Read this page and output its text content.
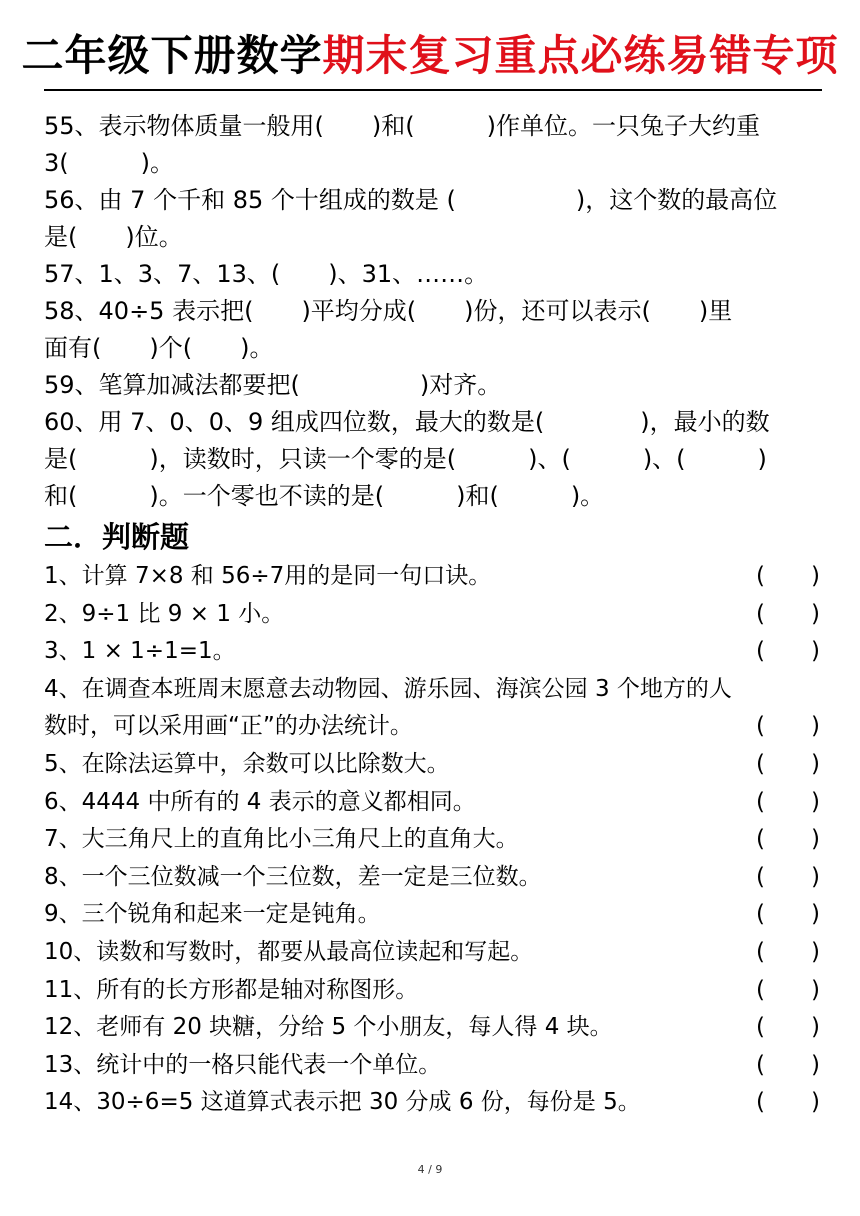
二年级下册数学期末复习重点必练易错专项

55、表示物体质量一般用(　　)和(　　　)作单位。一只兔子大约重

3(　　　)。

56、由 7 个千和 85 个十组成的数是 (　　　　　)，这个数的最高位

是(　　)位。

57、1、3、7、13、(　　)、31、……。

58、40÷5 表示把(　　)平均分成(　　)份，还可以表示(　　)里

面有(　　)个(　　)。

59、笔算加减法都要把(　　　　　)对齐。

60、用 7、0、0、9 组成四位数，最大的数是(　　　　)，最小的数

是(　　　)，读数时，只读一个零的是(　　　)、(　　　)、(　　　)

和(　　　)。一个零也不读的是(　　　)和(　　　)。

二．判断题
1、计算 7×8 和 56÷7用的是同一句口诀。	(　　)
2、9÷1 比 9 × 1 小。	(　　)
3、1 × 1÷1=1。	(　　)
4、在调查本班周末愿意去动物园、游乐园、海滨公园 3 个地方的人
数时，可以采用画“正”的办法统计。	(　　)
5、在除法运算中，余数可以比除数大。	(　　)
6、4444 中所有的 4 表示的意义都相同。	(　　)
7、大三角尺上的直角比小三角尺上的直角大。	(　　)
8、一个三位数减一个三位数，差一定是三位数。	(　　)
9、三个锐角和起来一定是钝角。	(　　)
10、读数和写数时，都要从最高位读起和写起。	(　　)
11、所有的长方形都是轴对称图形。	(　　)
12、老师有 20 块糖，分给 5 个小朋友，每人得 4 块。	(　　)
13、统计中的一格只能代表一个单位。	(　　)
14、30÷6=5 这道算式表示把 30 分成 6 份，每份是 5。	(　　)
4 / 9
